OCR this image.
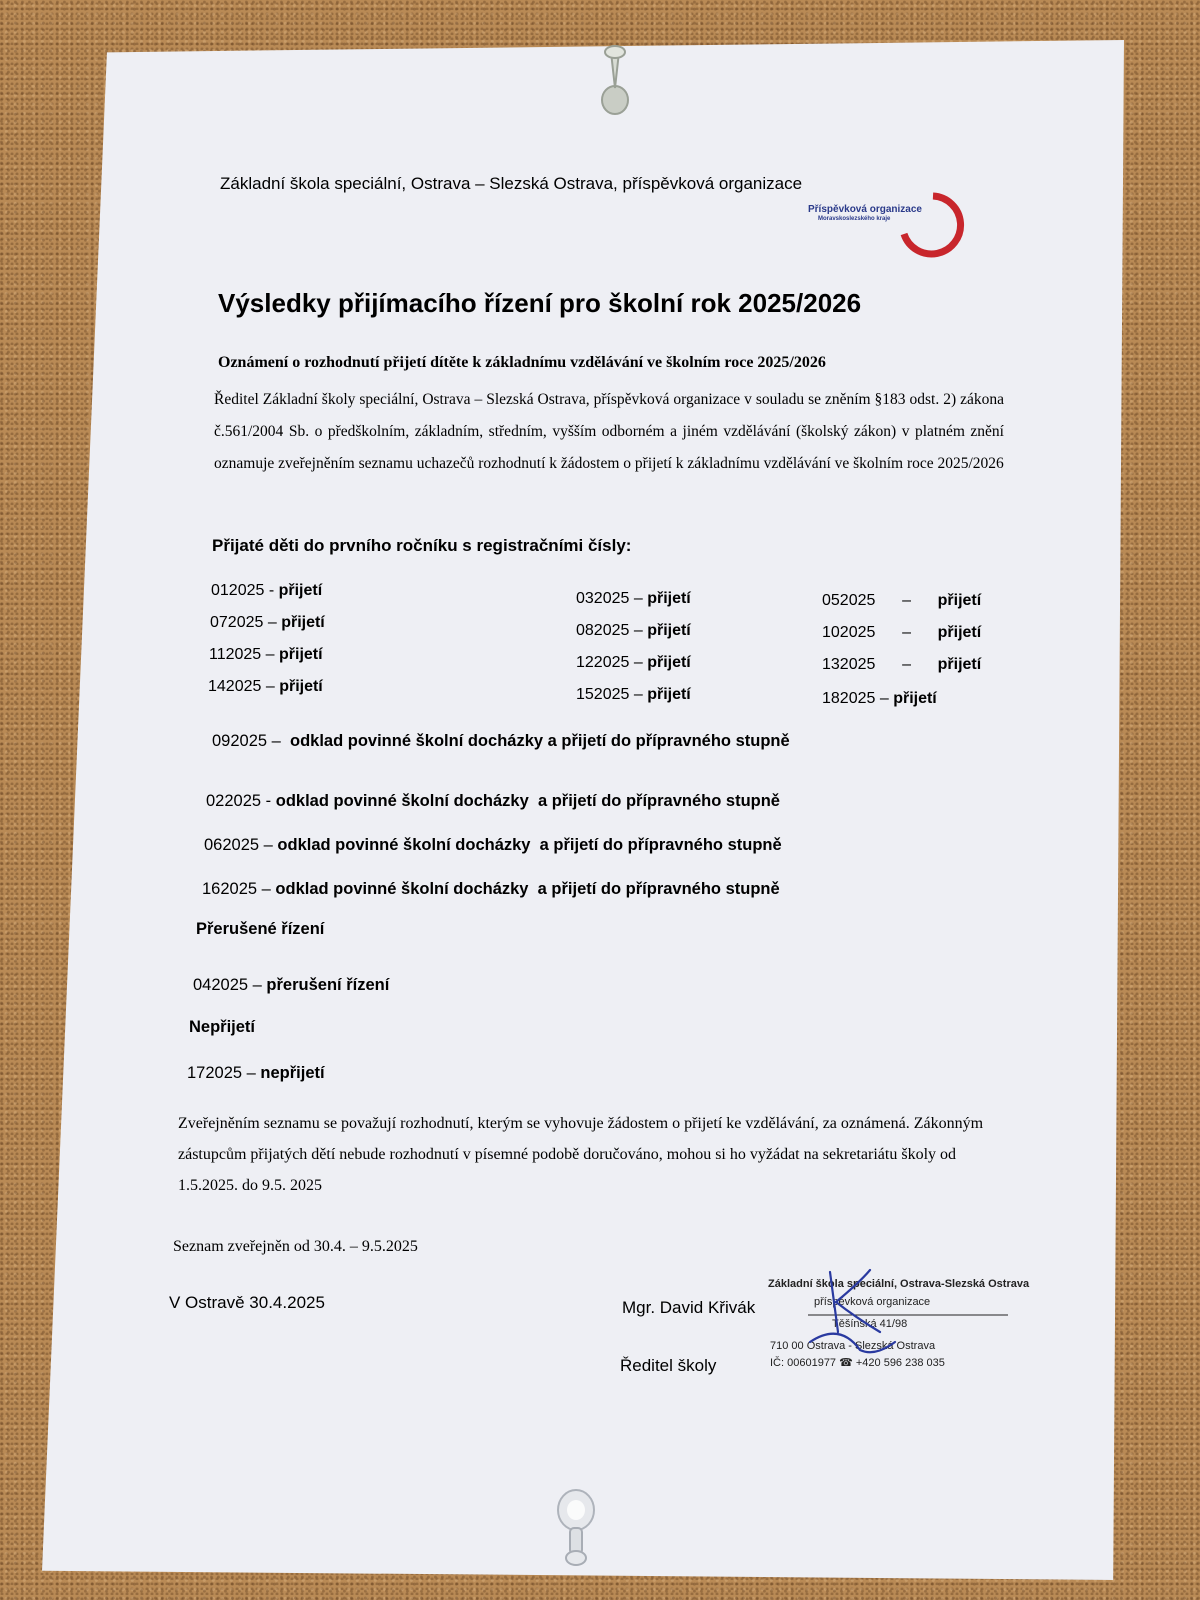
Základní škola speciální, Ostrava – Slezská Ostrava, příspěvková organizace
Příspěvková organizace
Moravskoslezského kraje
Výsledky přijímacího řízení pro školní rok 2025/2026
Oznámení o rozhodnutí přijetí dítěte k základnímu vzdělávání ve školním roce 2025/2026
Ředitel Základní školy speciální, Ostrava – Slezská Ostrava, příspěvková organizace v souladu se zněním §183 odst. 2) zákona č.561/2004 Sb. o předškolním, základním, středním, vyšším odborném a jiném vzdělávání (školský zákon) v platném znění oznamuje zveřejněním seznamu uchazečů rozhodnutí k žádostem o přijetí k základnímu vzdělávání ve školním roce 2025/2026
Přijaté děti do prvního ročníku s registračními čísly:
012025 - přijetí
072025 – přijetí
112025 – přijetí
142025 – přijetí
032025 – přijetí
082025 – přijetí
122025 – přijetí
152025 – přijetí
052025      –      přijetí
102025      –      přijetí
132025      –      přijetí
182025 – přijetí
092025 –  odklad povinné školní docházky a přijetí do přípravného stupně
022025 - odklad povinné školní docházky  a přijetí do přípravného stupně
062025 – odklad povinné školní docházky  a přijetí do přípravného stupně
162025 – odklad povinné školní docházky  a přijetí do přípravného stupně
Přerušené řízení
042025 – přerušení řízení
Nepřijetí
172025 – nepřijetí
Zveřejněním seznamu se považují rozhodnutí, kterým se vyhovuje žádostem o přijetí ke vzdělávání, za oznámená. Zákonným zástupcům přijatých dětí nebude rozhodnutí v písemné podobě doručováno, mohou si ho vyžádat na sekretariátu školy od 1.5.2025. do 9.5. 2025
Seznam zveřejněn od 30.4. – 9.5.2025
V Ostravě 30.4.2025	Mgr. David Křivák
Ředitel školy
Základní škola speciální, Ostrava-Slezská Ostrava
příspěvková organizace
Těšínská 41/98
710 00 Ostrava - Slezská Ostrava
IČ: 00601977 ☎ +420 596 238 035
